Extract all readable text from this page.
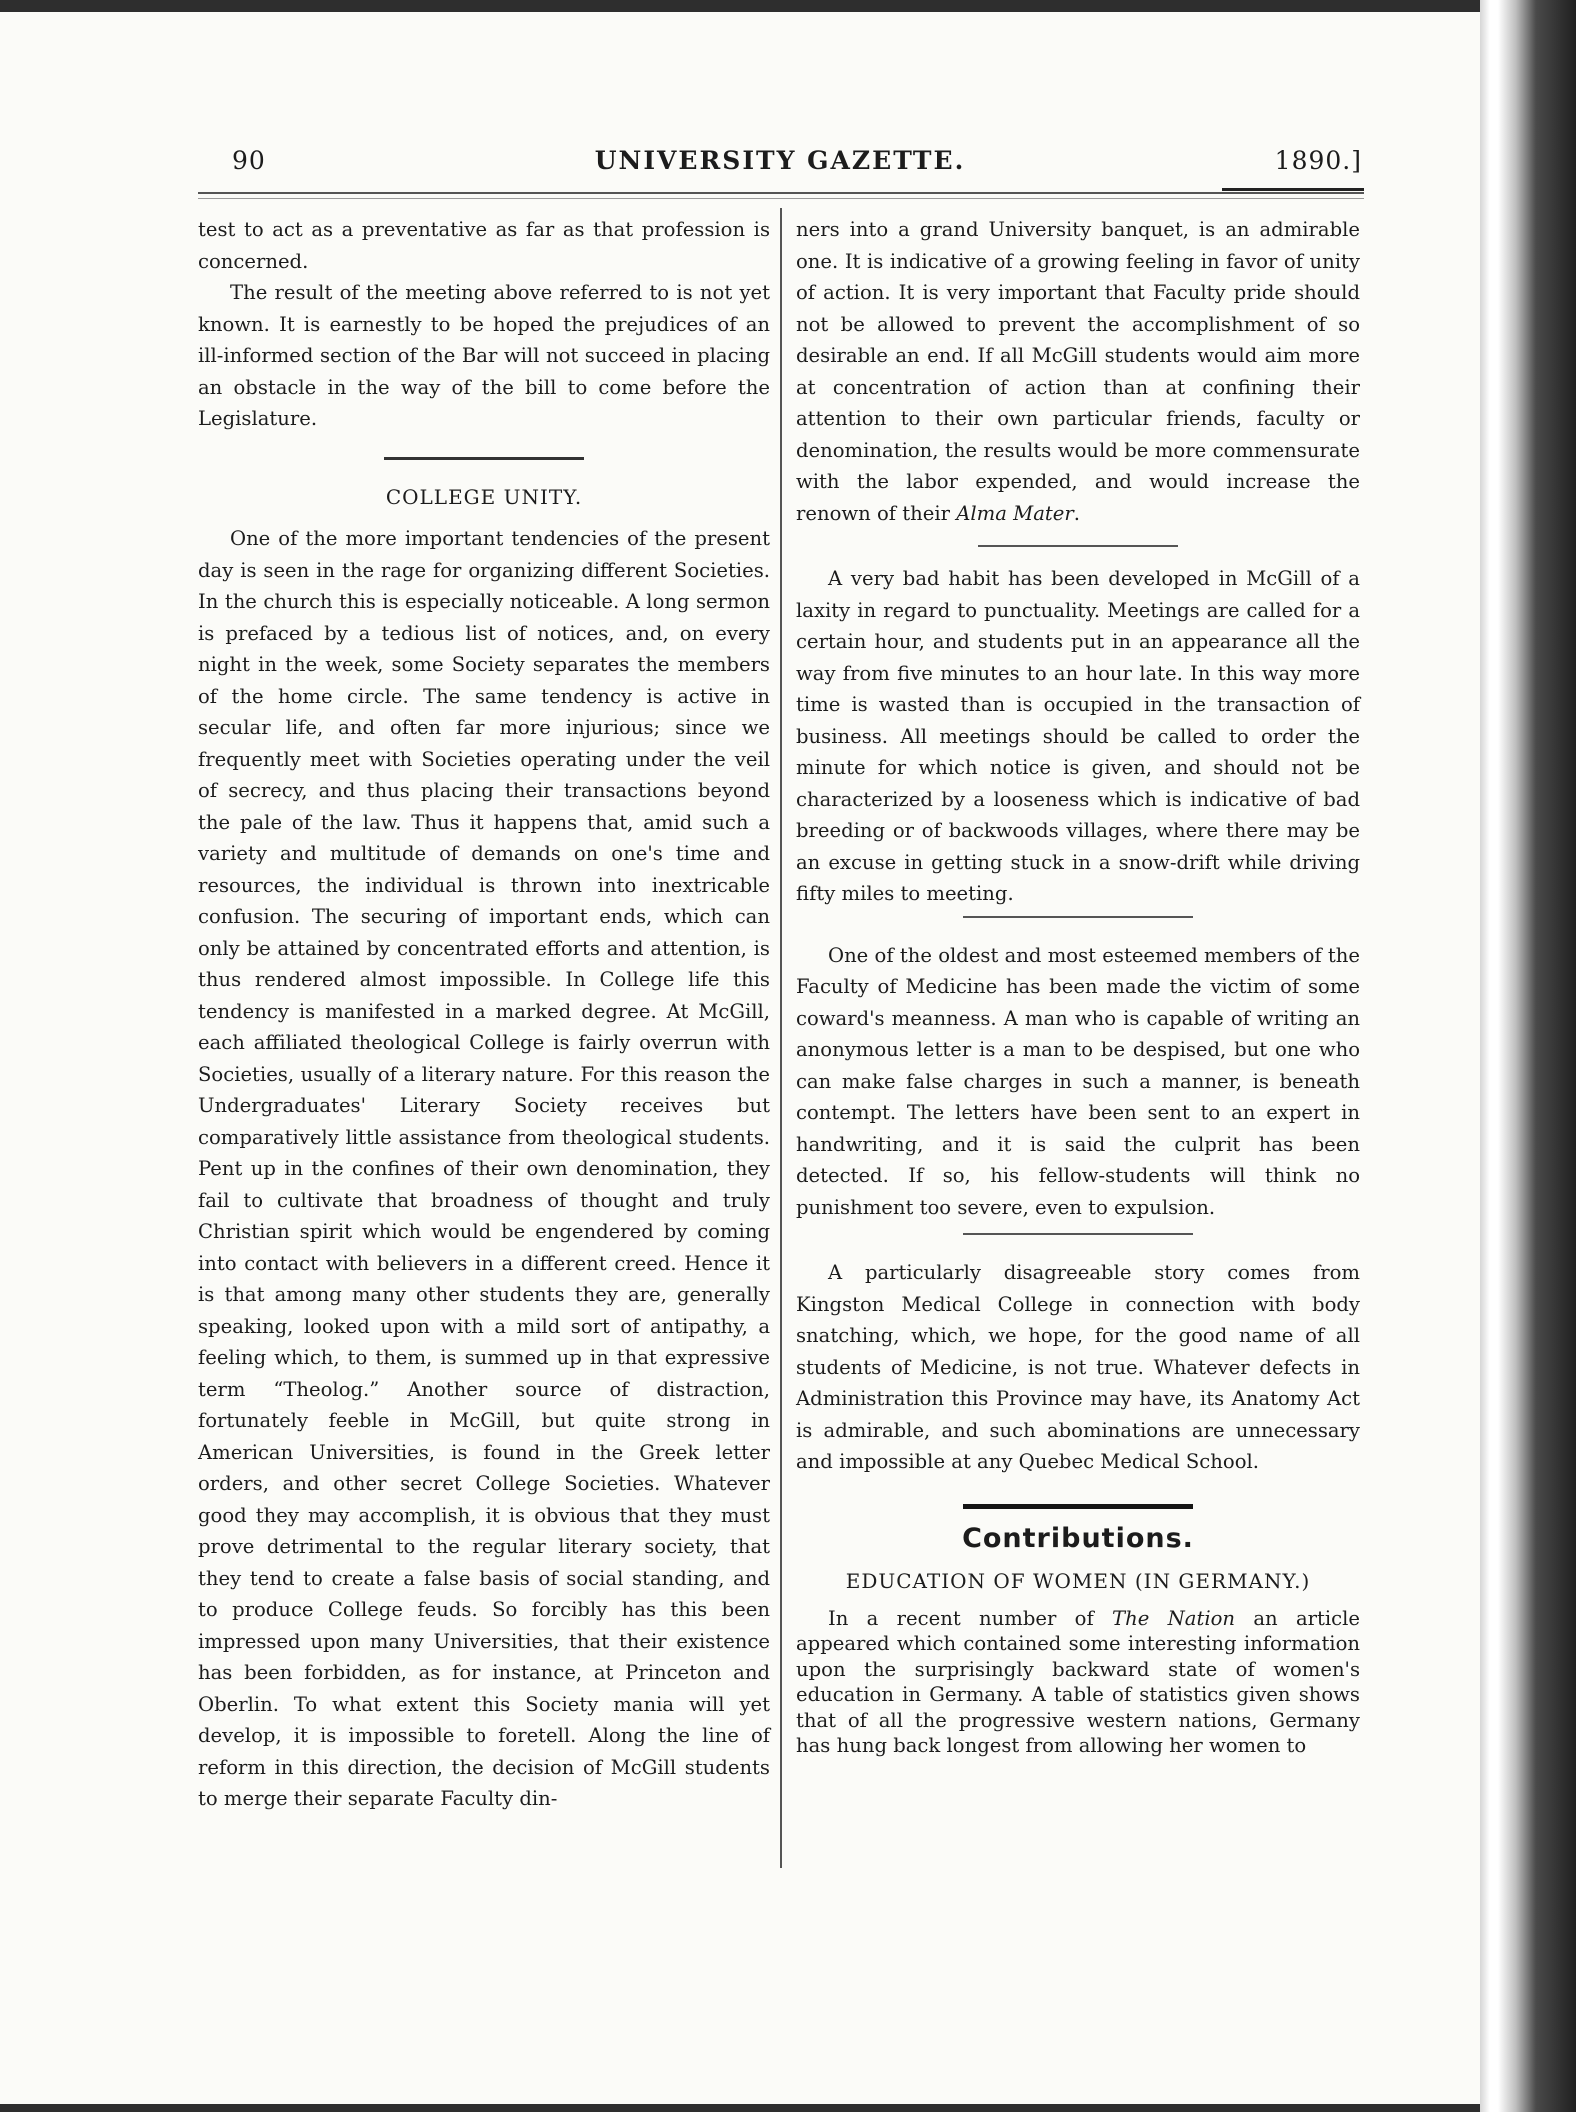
90	UNIVERSITY GAZETTE.	1890.]

test to act as a preventative as far as that profession is concerned.

The result of the meeting above referred to is not yet known. It is earnestly to be hoped the prejudices of an ill-informed section of the Bar will not succeed in placing an obstacle in the way of the bill to come before the Legislature.

COLLEGE UNITY.

One of the more important tendencies of the present day is seen in the rage for organizing different Societies. In the church this is especially noticeable. A long sermon is prefaced by a tedious list of notices, and, on every night in the week, some Society separates the members of the home circle. The same tendency is active in secular life, and often far more injurious; since we frequently meet with Societies operating under the veil of secrecy, and thus placing their transactions beyond the pale of the law. Thus it happens that, amid such a variety and multitude of demands on one's time and resources, the individual is thrown into inextricable confusion. The securing of important ends, which can only be attained by concentrated efforts and attention, is thus rendered almost impossible. In College life this tendency is manifested in a marked degree. At McGill, each affiliated theological College is fairly overrun with Societies, usually of a literary nature. For this reason the Undergraduates' Literary Society receives but comparatively little assistance from theological students. Pent up in the confines of their own denomination, they fail to cultivate that broadness of thought and truly Christian spirit which would be engendered by coming into contact with believers in a different creed. Hence it is that among many other students they are, generally speaking, looked upon with a mild sort of antipathy, a feeling which, to them, is summed up in that expressive term “Theolog.” Another source of distraction, fortunately feeble in McGill, but quite strong in American Universities, is found in the Greek letter orders, and other secret College Societies. Whatever good they may accomplish, it is obvious that they must prove detrimental to the regular literary society, that they tend to create a false basis of social standing, and to produce College feuds. So forcibly has this been impressed upon many Universities, that their existence has been forbidden, as for instance, at Princeton and Oberlin. To what extent this Society mania will yet develop, it is impossible to foretell. Along the line of reform in this direction, the decision of McGill students to merge their separate Faculty din-

ners into a grand University banquet, is an admirable one. It is indicative of a growing feeling in favor of unity of action. It is very important that Faculty pride should not be allowed to prevent the accomplishment of so desirable an end. If all McGill students would aim more at concentration of action than at confining their attention to their own particular friends, faculty or denomination, the results would be more commensurate with the labor expended, and would increase the renown of their Alma Mater.

A very bad habit has been developed in McGill of a laxity in regard to punctuality. Meetings are called for a certain hour, and students put in an appearance all the way from five minutes to an hour late. In this way more time is wasted than is occupied in the transaction of business. All meetings should be called to order the minute for which notice is given, and should not be characterized by a looseness which is indicative of bad breeding or of backwoods villages, where there may be an excuse in getting stuck in a snow-drift while driving fifty miles to meeting.

One of the oldest and most esteemed members of the Faculty of Medicine has been made the victim of some coward's meanness. A man who is capable of writing an anonymous letter is a man to be despised, but one who can make false charges in such a manner, is beneath contempt. The letters have been sent to an expert in handwriting, and it is said the culprit has been detected. If so, his fellow-students will think no punishment too severe, even to expulsion.

A particularly disagreeable story comes from Kingston Medical College in connection with body snatching, which, we hope, for the good name of all students of Medicine, is not true. Whatever defects in Administration this Province may have, its Anatomy Act is admirable, and such abominations are unnecessary and impossible at any Quebec Medical School.

Contributions.
EDUCATION OF WOMEN (IN GERMANY.)

In a recent number of The Nation an article appeared which contained some interesting information upon the surprisingly backward state of women's education in Germany. A table of statistics given shows that of all the progressive western nations, Germany has hung back longest from allowing her women to
